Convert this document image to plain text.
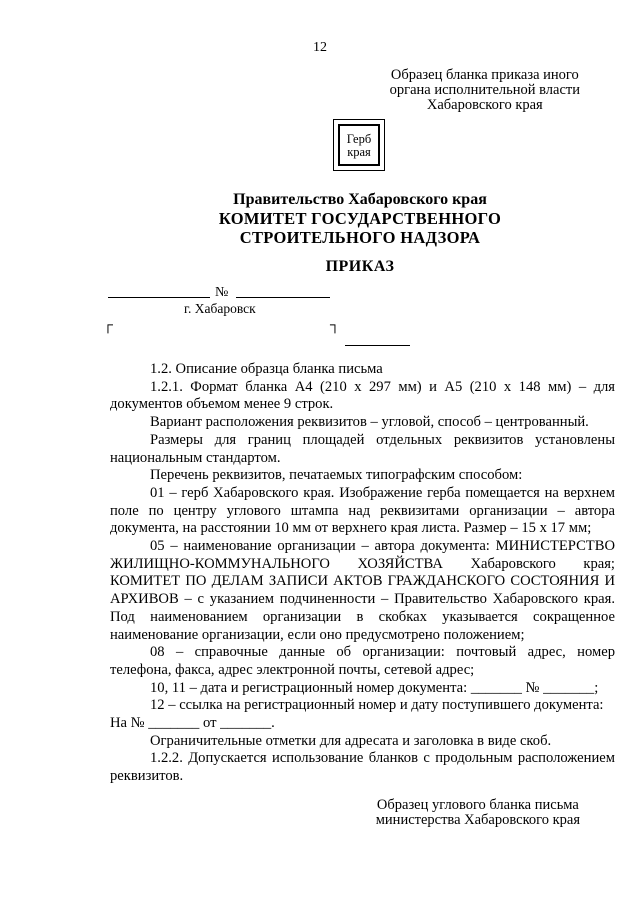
12
Образец бланка приказа иного
органа исполнительной власти
Хабаровского края
Герб
края
Правительство Хабаровского края
КОМИТЕТ ГОСУДАРСТВЕННОГО
СТРОИТЕЛЬНОГО НАДЗОРА
ПРИКАЗ
№
г. Хабаровск
┌	┐

1.2. Описание образца бланка письма

1.2.1. Формат бланка А4 (210 х 297 мм) и А5 (210 х 148 мм) – для документов объемом менее 9 строк.

Вариант расположения реквизитов – угловой, способ – центрованный.

Размеры для границ площадей отдельных реквизитов установлены национальным стандартом.

Перечень реквизитов, печатаемых типографским способом:

01 – герб Хабаровского края. Изображение герба помещается на верхнем поле по центру углового штампа над реквизитами организации – автора документа, на расстоянии 10 мм от верхнего края листа. Размер – 15 х 17 мм;

05 – наименование организации – автора документа: МИНИСТЕРСТВО ЖИЛИЩНО-КОММУНАЛЬНОГО ХОЗЯЙСТВА Хабаровского края; КОМИТЕТ ПО ДЕЛАМ ЗАПИСИ АКТОВ ГРАЖДАНСКОГО СОСТОЯНИЯ И АРХИВОВ – с указанием подчиненности – Правительство Хабаровского края. Под наименованием организации в скобках указывается сокращенное наименование организации, если оно предусмотрено положением;

08 – справочные данные об организации: почтовый адрес, номер телефона, факса, адрес электронной почты, сетевой адрес;

10, 11 – дата и регистрационный номер документа: _______ № _______;

12 – ссылка на регистрационный номер и дату поступившего документа:

На № _______ от _______.

Ограничительные отметки для адресата и заголовка в виде скоб.

1.2.2. Допускается использование бланков с продольным расположением реквизитов.

Образец углового бланка письма
министерства Хабаровского края
